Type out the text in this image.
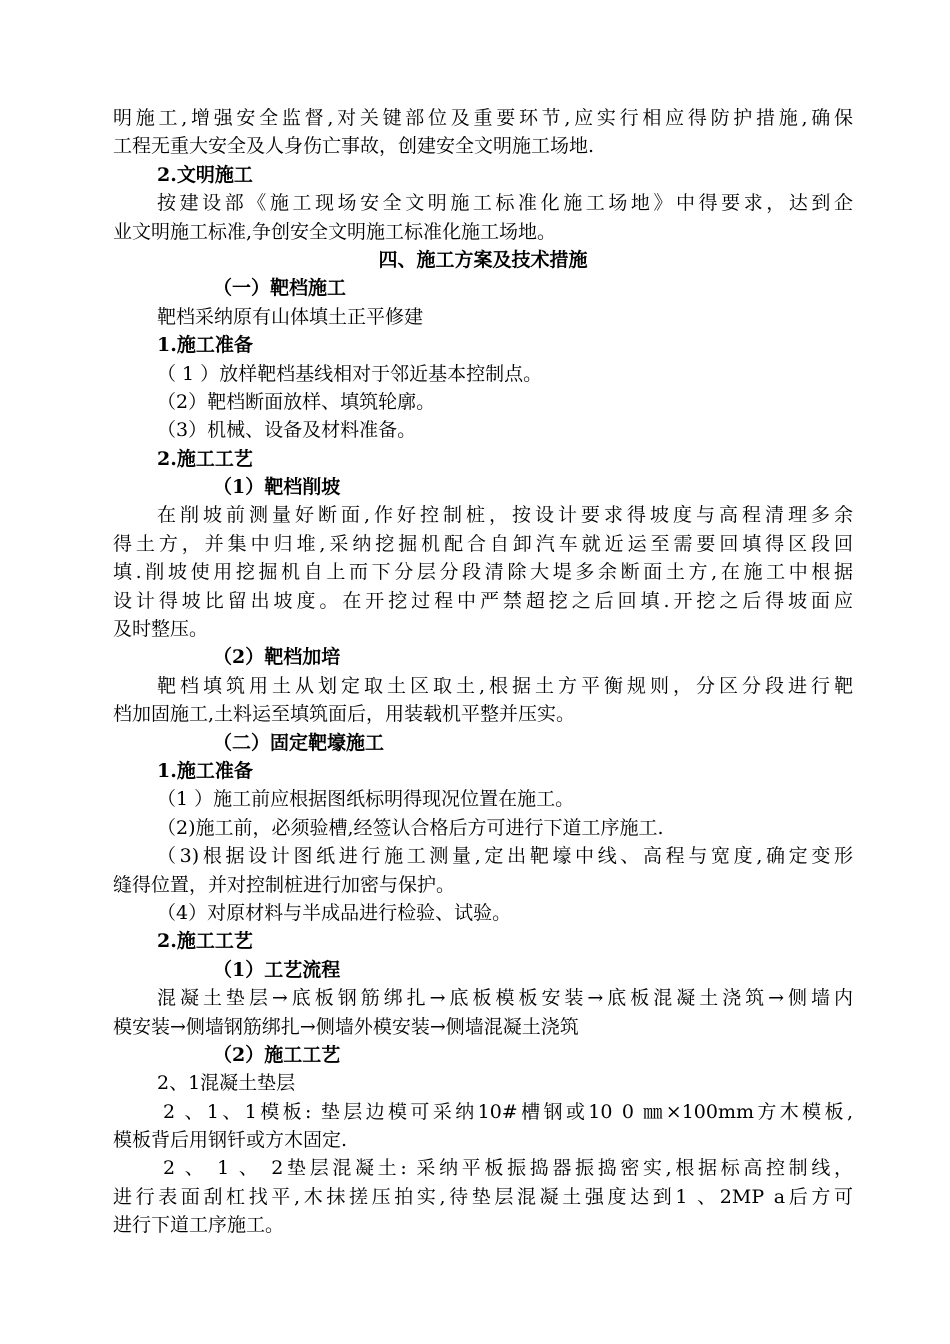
明施工,增强安全监督,对关键部位及重要环节,应实行相应得防护措施,确保
工程无重大安全及人身伤亡事故，创建安全文明施工场地.
2.文明施工
按建设部《施工现场安全文明施工标准化施工场地》中得要求，达到企
业文明施工标准,争创安全文明施工标准化施工场地。
四、施工方案及技术措施
（一）靶档施工
靶档采纳原有山体填土正平修建
1.施工准备
（ 1 ）放样靶档基线相对于邻近基本控制点。
（2）靶档断面放样、填筑轮廓。
（3）机械、设备及材料准备。
2.施工工艺
（1）靶档削坡
在削坡前测量好断面,作好控制桩，按设计要求得坡度与高程清理多余
得土方，并集中归堆,采纳挖掘机配合自卸汽车就近运至需要回填得区段回
填.削坡使用挖掘机自上而下分层分段清除大堤多余断面土方,在施工中根据
设计得坡比留出坡度。在开挖过程中严禁超挖之后回填.开挖之后得坡面应
及时整压。
（2）靶档加培
靶档填筑用土从划定取土区取土,根据土方平衡规则，分区分段进行靶
档加固施工,土料运至填筑面后，用装载机平整并压实。
（二）固定靶壕施工
1.施工准备
（1 ）施工前应根据图纸标明得现况位置在施工。
（2)施工前，必须验槽,经签认合格后方可进行下道工序施工.
（3)根据设计图纸进行施工测量,定出靶壕中线、高程与宽度,确定变形
缝得位置，并对控制桩进行加密与保护。
（4）对原材料与半成品进行检验、试验。
2.施工工艺
（1）工艺流程
混凝土垫层→底板钢筋绑扎→底板模板安装→底板混凝土浇筑→侧墙内
模安装→侧墙钢筋绑扎→侧墙外模安装→侧墙混凝土浇筑
（2）施工工艺
2、1混凝土垫层
2 、1、1模板: 垫层边模可采纳10#槽钢或10 0 ㎜×100mm方木模板,
模板背后用钢钎或方木固定.
2 、 1 、 2垫层混凝土: 采纳平板振捣器振捣密实,根据标高控制线，
进行表面刮杠找平,木抹搓压拍实,待垫层混凝土强度达到1 、2MP a后方可
进行下道工序施工。
